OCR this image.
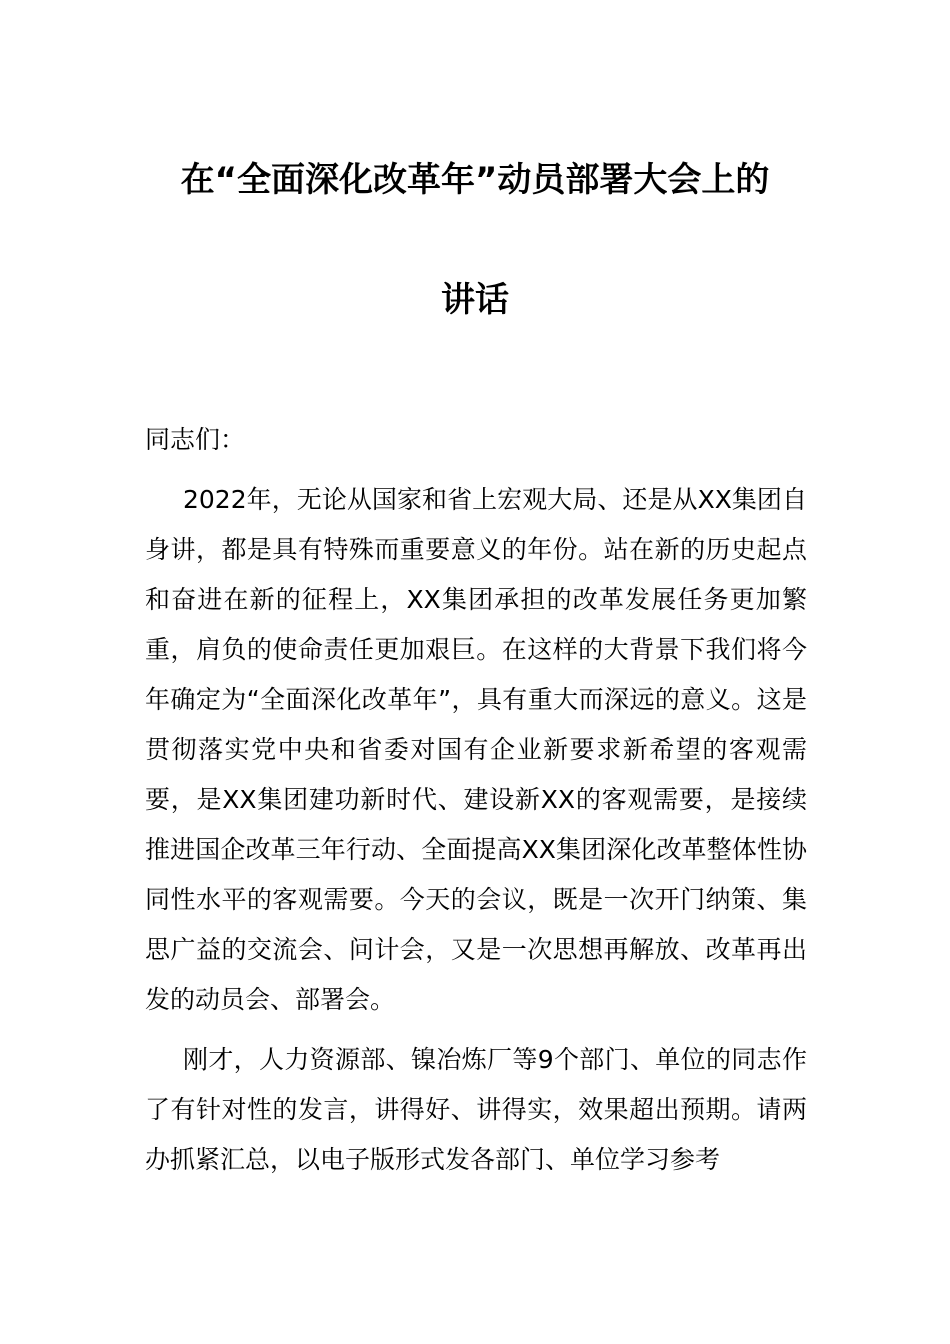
在“全面深化改革年”动员部署大会上的
讲话
同志们：
2022年，无论从国家和省上宏观大局、还是从XX集团自身讲，都是具有特殊而重要意义的年份。站在新的历史起点和奋进在新的征程上，XX集团承担的改革发展任务更加繁重，肩负的使命责任更加艰巨。在这样的大背景下我们将今年确定为“全面深化改革年”，具有重大而深远的意义。这是贯彻落实党中央和省委对国有企业新要求新希望的客观需要，是XX集团建功新时代、建设新XX的客观需要，是接续推进国企改革三年行动、全面提高XX集团深化改革整体性协同性水平的客观需要。今天的会议，既是一次开门纳策、集思广益的交流会、问计会，又是一次思想再解放、改革再出发的动员会、部署会。
刚才，人力资源部、镍冶炼厂等9个部门、单位的同志作了有针对性的发言，讲得好、讲得实，效果超出预期。请两办抓紧汇总，以电子版形式发各部门、单位学习参考
